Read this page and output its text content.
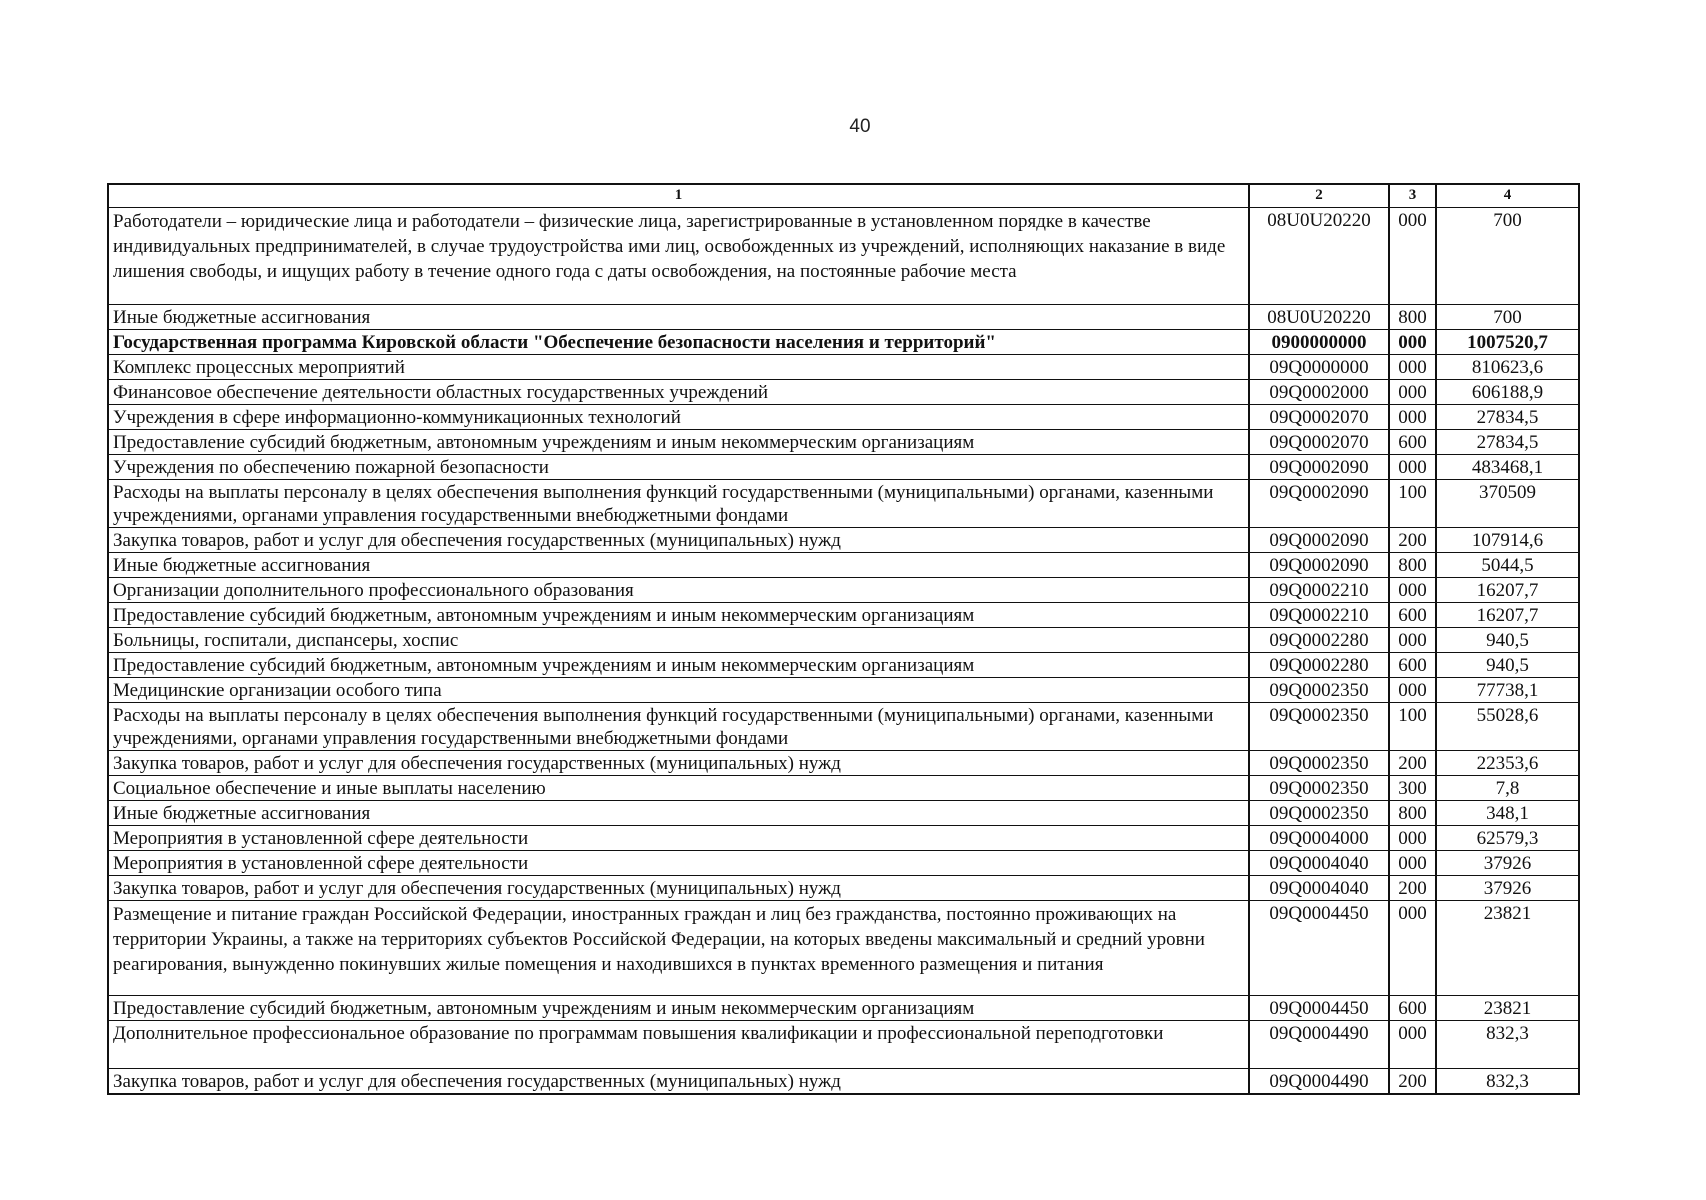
40
1	2	3	4

Работодатели – юридические лица и работодатели – физические лица, зарегистрированные в установленном порядке в качестве
индивидуальных предпринимателей, в случае трудоустройства ими лиц, освобожденных из учреждений, исполняющих наказание в виде
лишения свободы, и ищущих работу в течение одного года с даты освобождения, на постоянные рабочие места	08U0U20220	000	700
Иные бюджетные ассигнования	08U0U20220	800	700
Государственная программа Кировской области "Обеспечение безопасности населения и территорий"	0900000000	000	1007520,7
Комплекс процессных мероприятий	09Q0000000	000	810623,6
Финансовое обеспечение деятельности областных государственных учреждений	09Q0002000	000	606188,9
Учреждения в сфере информационно-коммуникационных технологий	09Q0002070	000	27834,5
Предоставление субсидий бюджетным, автономным учреждениям и иным некоммерческим организациям	09Q0002070	600	27834,5
Учреждения по обеспечению пожарной безопасности	09Q0002090	000	483468,1

Расходы на выплаты персоналу в целях обеспечения выполнения функций государственными (муниципальными) органами, казенными
учреждениями, органами управления государственными внебюджетными фондами	09Q0002090	100	370509
Закупка товаров, работ и услуг для обеспечения государственных (муниципальных) нужд	09Q0002090	200	107914,6
Иные бюджетные ассигнования	09Q0002090	800	5044,5
Организации дополнительного профессионального образования	09Q0002210	000	16207,7
Предоставление субсидий бюджетным, автономным учреждениям и иным некоммерческим организациям	09Q0002210	600	16207,7
Больницы, госпитали, диспансеры, хоспис	09Q0002280	000	940,5
Предоставление субсидий бюджетным, автономным учреждениям и иным некоммерческим организациям	09Q0002280	600	940,5
Медицинские организации особого типа	09Q0002350	000	77738,1

Расходы на выплаты персоналу в целях обеспечения выполнения функций государственными (муниципальными) органами, казенными
учреждениями, органами управления государственными внебюджетными фондами	09Q0002350	100	55028,6
Закупка товаров, работ и услуг для обеспечения государственных (муниципальных) нужд	09Q0002350	200	22353,6
Социальное обеспечение и иные выплаты населению	09Q0002350	300	7,8
Иные бюджетные ассигнования	09Q0002350	800	348,1
Мероприятия в установленной сфере деятельности	09Q0004000	000	62579,3
Мероприятия в установленной сфере деятельности	09Q0004040	000	37926
Закупка товаров, работ и услуг для обеспечения государственных (муниципальных) нужд	09Q0004040	200	37926

Размещение и питание граждан Российской Федерации, иностранных граждан и лиц без гражданства, постоянно проживающих на
территории Украины, а также на территориях субъектов Российской Федерации, на которых введены максимальный и средний уровни
реагирования, вынужденно покинувших жилые помещения и находившихся в пунктах временного размещения и питания	09Q0004450	000	23821
Предоставление субсидий бюджетным, автономным учреждениям и иным некоммерческим организациям	09Q0004450	600	23821
Дополнительное профессиональное образование по программам повышения квалификации и профессиональной переподготовки	09Q0004490	000	832,3
Закупка товаров, работ и услуг для обеспечения государственных (муниципальных) нужд	09Q0004490	200	832,3
